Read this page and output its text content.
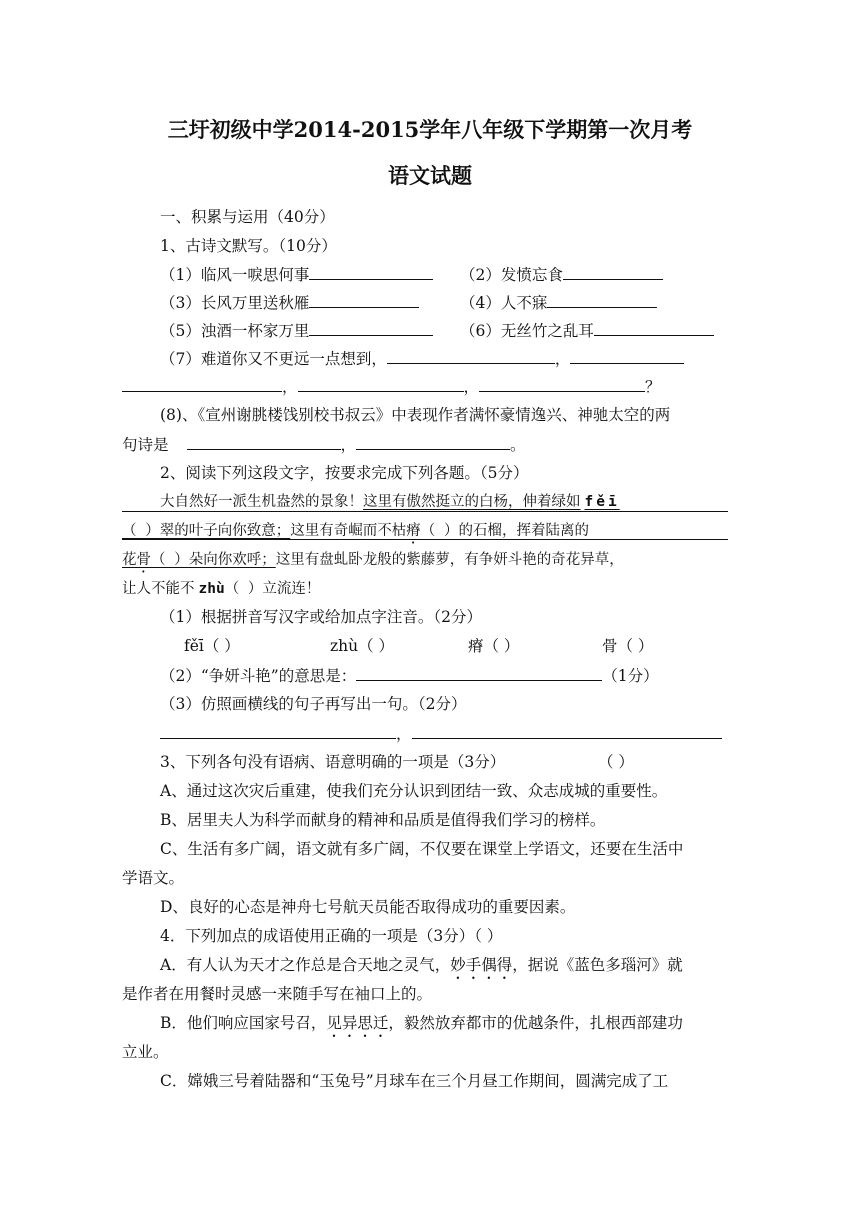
三圩初级中学2014-2015学年八年级下学期第一次月考
语文试题
一、积累与运用（40分）
1、古诗文默写。（10分）
（1）临风一唳思何事	（2）发愤忘食
（3）长风万里送秋雁	（4）人不寐
（5）浊酒一杯家万里	（6）无丝竹之乱耳
（7）难道你又不更远一点想到，	，
，	，	？
(8)、《宣州谢朓楼饯别校书叔云》中表现作者满怀豪情逸兴、神驰太空的两
句诗是	，	。
2、阅读下列这段文字，按要求完成下列各题。（5分）
大自然好一派生机盎然的景象！这里有傲然挺立的白杨，伸着绿如 fěī
（ ）翠的叶子向你致意；这里有奇崛而不枯瘠（ ）的石榴，挥着陆离的
花骨（ ）朵向你欢呼；这里有盘虬卧龙般的紫藤萝，有争妍斗艳的奇花异草，
让人不能不 zhù（ ）立流连！
（1）根据拼音写汉字或给加点字注音。（2分）
fěī（ ）	zhù（ ）	瘠（ ）	骨（ ）
（2）“争妍斗艳”的意思是：	（1分）
（3）仿照画横线的句子再写出一句。（2分）
，
3、下列各句没有语病、语意明确的一项是（3分）	（ ）
A、通过这次灾后重建，使我们充分认识到团结一致、众志成城的重要性。
B、居里夫人为科学而献身的精神和品质是值得我们学习的榜样。
C、生活有多广阔，语文就有多广阔，不仅要在课堂上学语文，还要在生活中
学语文。
D、良好的心态是神舟七号航天员能否取得成功的重要因素。
4．下列加点的成语使用正确的一项是（3分）（ ）
A．有人认为天才之作总是合天地之灵气，妙手偶得，据说《蓝色多瑙河》就
是作者在用餐时灵感一来随手写在袖口上的。
B．他们响应国家号召，见异思迁，毅然放弃都市的优越条件，扎根西部建功
立业。
C．嫦娥三号着陆器和“玉兔号”月球车在三个月昼工作期间，圆满完成了工
